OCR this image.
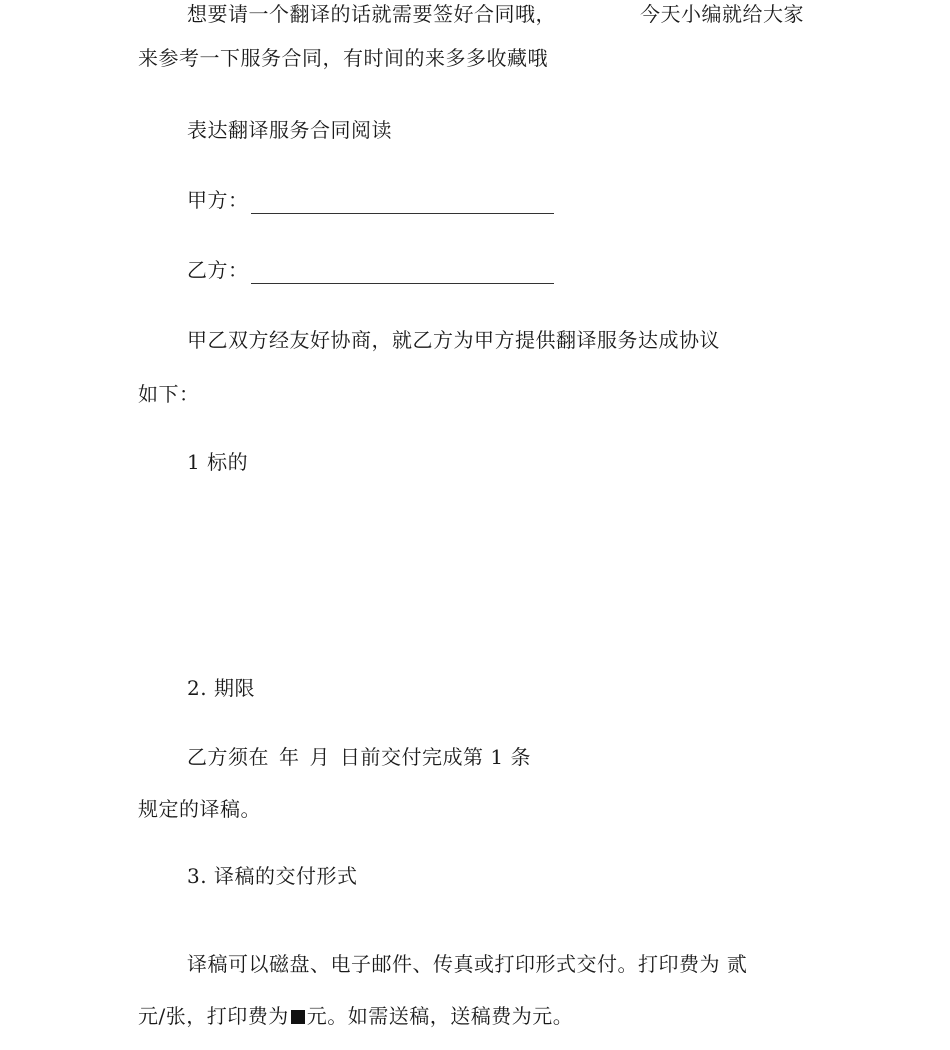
想要请一个翻译的话就需要签好合同哦，	今天小编就给大家
来参考一下服务合同，有时间的来多多收藏哦
表达翻译服务合同阅读
甲方：
乙方：
甲乙双方经友好协商，就乙方为甲方提供翻译服务达成协议
如下：
1 标的
2. 期限
乙方须在 年 月 日前交付完成第 1 条
规定的译稿。
3. 译稿的交付形式
译稿可以磁盘、电子邮件、传真或打印形式交付。打印费为 贰
元/张，打印费为 元。如需送稿，送稿费为元。
